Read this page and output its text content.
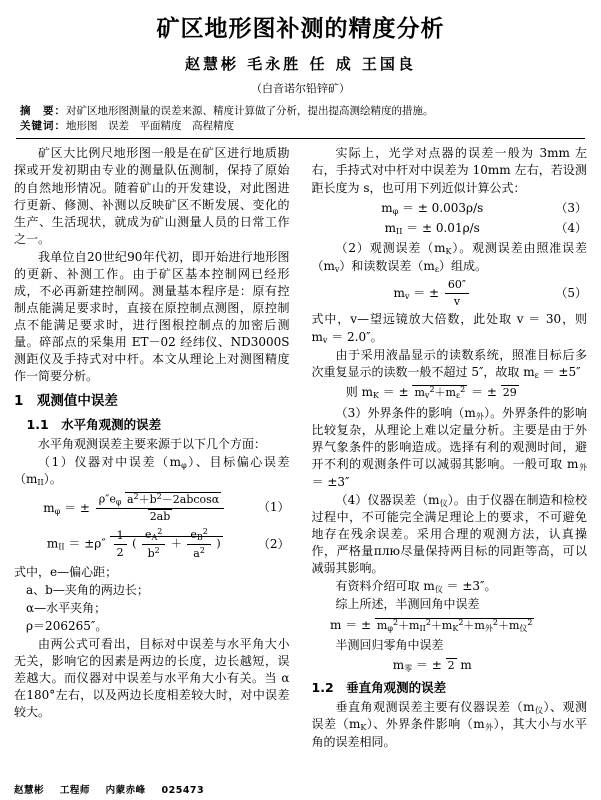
矿区地形图补测的精度分析
赵慧彬 毛永胜 任 成 王国良
（白音诺尔铅锌矿）
摘　要：对矿区地形图测量的误差来源、精度计算做了分析，提出提高测绘精度的措施。
关键词：地形图　误差　平面精度　高程精度

矿区大比例尺地形图一般是在矿区进行地质勘探或开发初期由专业的测量队伍测制，保持了原始的自然地形情况。随着矿山的开发建设，对此图进行更新、修测、补测以反映矿区不断发展、变化的生产、生活现状，就成为矿山测量人员的日常工作之一。

我单位自20世纪90年代初，即开始进行地形图的更新、补测工作。由于矿区基本控制网已经形成，不必再新建控制网。测量基本程序是：原有控制点能满足要求时，直接在原控制点测图，原控制点不能满足要求时，进行图根控制点的加密后测量。碎部点的采集用 ET－02 经纬仪、ND3000S 测距仪及手持式对中杆。本文从理论上对测图精度作一简要分析。

1　观测值中误差
1.1　水平角观测的误差

水平角观测误差主要来源于以下几个方面：

（1）仪器对中误差$(m_\varphi)$、目标偏心误差$(m_{II})$。

$m_\varphi$ ＝ ± $\frac{\rho''e_\varphi a^2+b^2-2abcos\alpha}{2ab}$	（1）
$m_{II} = \pm\rho'' \frac{1}{2}$ ( $\frac{e_A^2}{b^2} + \frac{e_B^2}{a^2}$ )	（2）

式中，e—偏心距；

a、b—夹角的两边长；

α—水平夹角；

ρ＝206265″。

由两公式可看出，目标对中误差与水平角大小无关，影响它的因素是两边的长度，边长越短，误差越大。而仪器对中误差与水平角大小有关。当 α 在180°左右，以及两边长度相差较大时，对中误差较大。

实际上，光学对点器的误差一般为 3mm 左右，手持式对中杆对中误差为 10mm 左右，若设测距长度为 s，也可用下列近似计算公式：

$m_\varphi$ ＝ ± 0.003ρ/s	（3）
$m_{II}$ ＝ ± 0.01ρ/s	（4）

（2）观测误差$(m_K)$。观测误差由照准误差$(m_v)$和读数误差$(m_\varepsilon)$组成。

$m_v$ ＝ ± $\frac{60''}{v}$	（5）

式中，v—望远镜放大倍数，此处取 v ＝ 30，则 $m_v = 2.0''$。

由于采用液晶显示的读数系统，照准目标后多次重复显示的读数一般不超过 5″，故取 $m_\varepsilon = \pm 5''$

则 $m_K$ ＝ ± $m_v^2+m_\varepsilon^2$ ＝ ± 29

（3）外界条件的影响$(m_外)$。外界条件的影响比较复杂，从理论上难以定量分析。主要是由于外界气象条件的影响造成。选择有利的观测时间，避开不利的观测条件可以减弱其影响。一般可取 $m_外 = \pm 3''$

（4）仪器误差$(m_仪)$。由于仪器在制造和检校过程中，不可能完全满足理论上的要求，不可避免地存在残余误差。采用合理的观测方法，认真操作，严格量плю尽量保持两目标的同距等高，可以减弱其影响。

有资料介绍可取 $m_仪 = \pm 3''$。

综上所述，半测回角中误差

m ＝ ± $m_\varphi^2+m_{II}^2+m_K^2+m_外^2+m_仪^2$

半测回归零角中误差

$m_零$ ＝ ± 2 m
1.2　垂直角观测的误差

垂直角观测误差主要有仪器误差$(m_仪)$、观测误差$(m_K)$、外界条件影响$(m_外)$，其大小与水平角的误差相同。

赵慧彬 工程师 内蒙赤峰 025473
